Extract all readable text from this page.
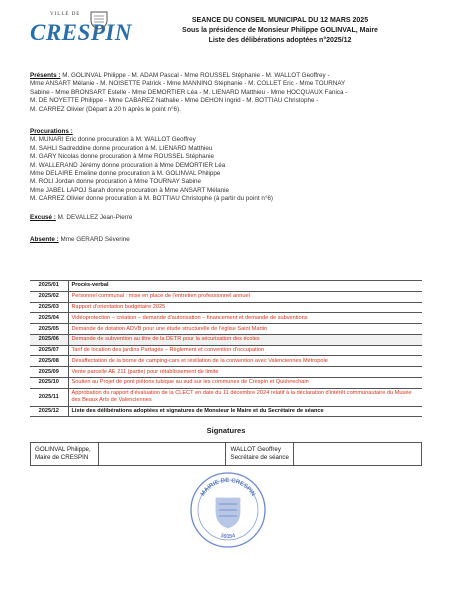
VILLE DE
CRESPIN	SEANCE DU CONSEIL MUNICIPAL DU 12 MARS 2025
Sous la présidence de Monsieur Philippe GOLINVAL, Maire
Liste des délibérations adoptées n°2025/12
Présents : M. GOLINVAL Philippe - M. ADAM Pascal - Mme ROUSSEL Stéphanie - M. WALLOT Geoffrey -
Mme ANSART Mélanie - M. NOISETTE Patrick - Mme MANNINO Stéphanie - M. COLLET Eric - Mme TOURNAY
Sabine - Mme BRONSART Estelle - Mme DEMORTIER Léa - M. LIENARD Matthieu - Mme HOCQUAUX Fanica -
M. DE NOYETTE Philippe - Mme CABAREZ Nathalie - Mme DEHON Ingrid - M. BOTTIAU Christophe -
M. CARREZ Olivier (Départ à 20 h après le point n°6).
Procurations :
M. MUNARI Eric donne procuration à M. WALLOT Geoffrey
M. SAHLI Sadreddine donne procuration à M. LIENARD Matthieu
M. GARY Nicolas donne procuration à Mme ROUSSEL Stéphanie
M. WALLERAND Jérémy donne procuration à Mme DEMORTIER Léa
Mme DELAIRE Emeline donne procuration à M. GOLINVAL Philippe
M. ROLI Jordan donne procuration à Mme TOURNAY Sabine
Mme JABEL LAPOJ Sarah donne procuration à Mme ANSART Mélanie
M. CARREZ Olivier donne procuration à M. BOTTIAU Christophe (à partir du point n°6)
Excusé : M. DEVALLEZ Jean-Pierre
Absente : Mme GERARD Séverine
2025/01	Procès-verbal
2025/02	Personnel communal : mise en place de l'entretien professionnel annuel
2025/03	Rapport d'orientation budgétaire 2025
2025/04	Vidéoprotection – création – demande d'autorisation – financement et demande de subventions
2025/05	Demande de dotation ADVB pour une étude structurelle de l'église Saint Martin
2025/06	Demande de subvention au titre de la DETR pour la sécurisation des écoles
2025/07	Tarif de location des jardins Partagés – Règlement et convention d'occupation
2025/08	Désaffectation de la borne de camping-cars et résiliation de la convention avec Valenciennes Métropole
2025/09	Vente parcelle AE 211 (partie) pour rétablissement de limite
2025/10	Soutien au Projet de pont piétons tubique au sud sur les communes de Crespin et Quiévrechain
2025/11	Approbation du rapport d'évaluation de la CLECT en date du 11 décembre 2024 relatif à la déclaration d'intérêt communautaire du Musée des Beaux Arts de Valenciennes
2025/12	Liste des délibérations adoptées et signatures de Monsieur le Maire et du Secrétaire de séance
Signatures
GOLINVAL Philippe,
Maire de CRESPIN

WALLOT Geoffrey
Secrétaire de séance

MAIRIE DE CRESPIN
59154
